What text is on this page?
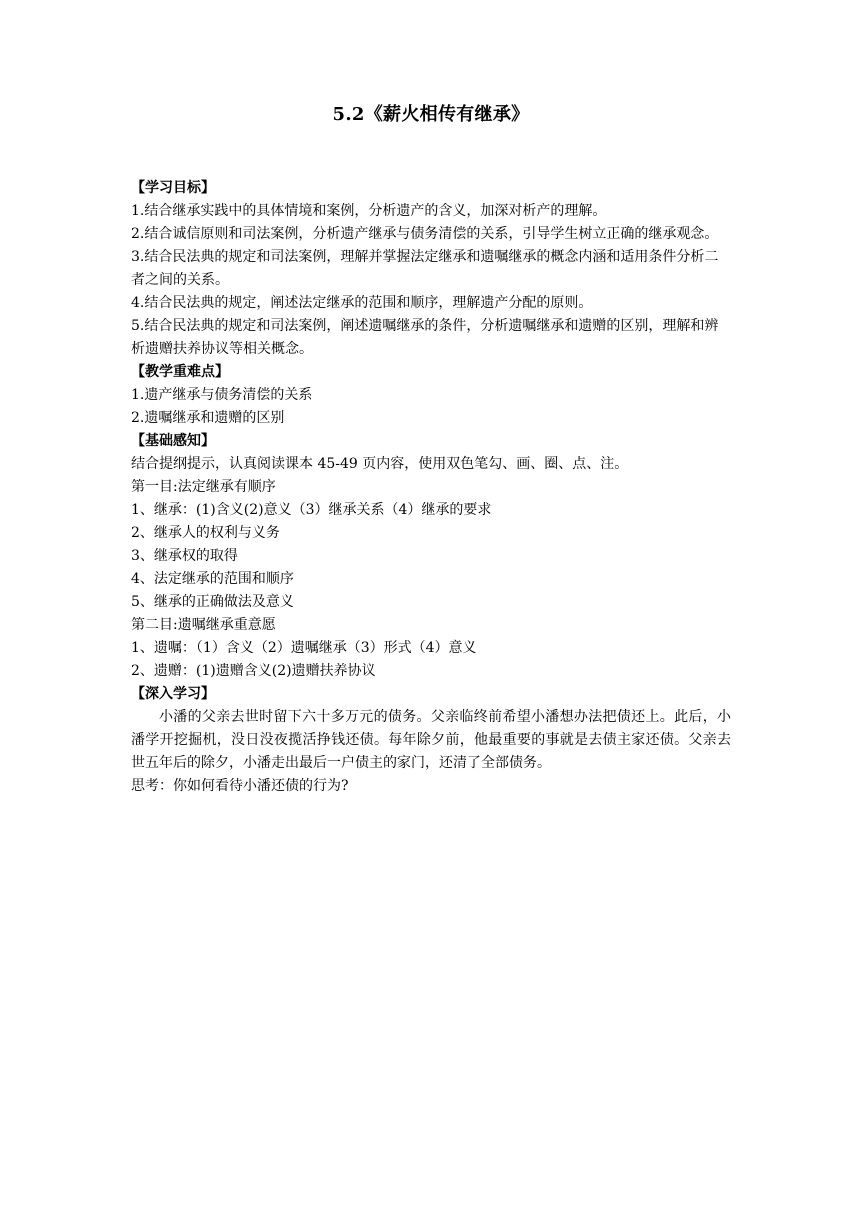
5.2《薪火相传有继承》

【学习目标】

1.结合继承实践中的具体情境和案例，分析遗产的含义，加深对析产的理解。

2.结合诚信原则和司法案例，分析遗产继承与债务清偿的关系，引导学生树立正确的继承观念。

3.结合民法典的规定和司法案例，理解并掌握法定继承和遗嘱继承的概念内涵和适用条件分析二者之间的关系。

4.结合民法典的规定，阐述法定继承的范围和顺序，理解遗产分配的原则。

5.结合民法典的规定和司法案例，阐述遗嘱继承的条件，分析遗嘱继承和遗赠的区别，理解和辨析遗赠扶养协议等相关概念。

【教学重难点】

1.遗产继承与债务清偿的关系

2.遗嘱继承和遗赠的区别

【基础感知】

结合提纲提示，认真阅读课本 45-49 页内容，使用双色笔勾、画、圈、点、注。

第一目:法定继承有顺序

1、继承：(1)含义(2)意义（3）继承关系（4）继承的要求

2、继承人的权利与义务

3、继承权的取得

4、法定继承的范围和顺序

5、继承的正确做法及意义

第二目:遗嘱继承重意愿

1、遗嘱：（1）含义（2）遗嘱继承（3）形式（4）意义

2、遗赠：(1)遗赠含义(2)遗赠扶养协议

【深入学习】

小潘的父亲去世时留下六十多万元的债务。父亲临终前希望小潘想办法把债还上。此后，小潘学开挖掘机，没日没夜揽活挣钱还债。每年除夕前，他最重要的事就是去债主家还债。父亲去世五年后的除夕，小潘走出最后一户债主的家门，还清了全部债务。

思考：你如何看待小潘还债的行为?
